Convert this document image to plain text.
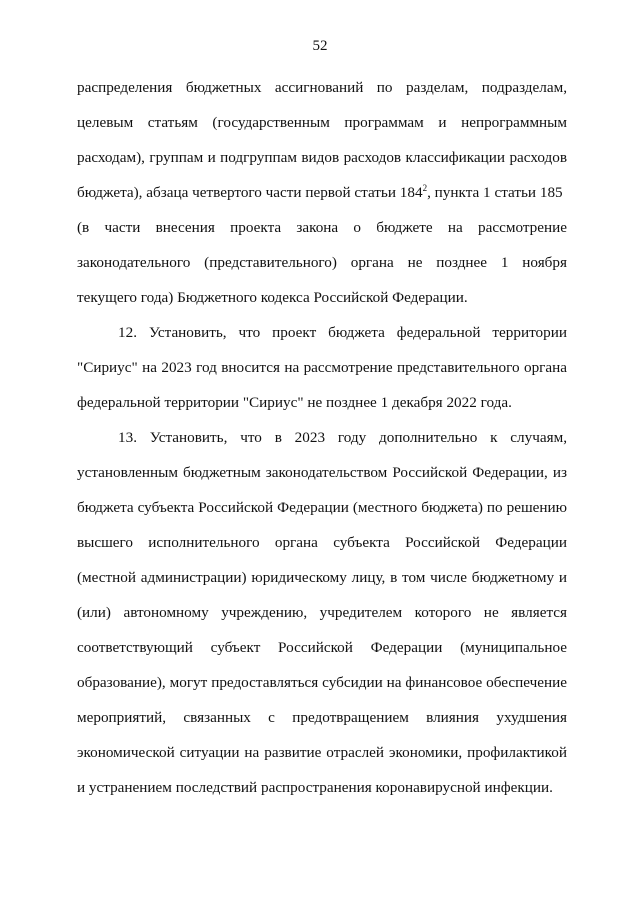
52
распределения бюджетных ассигнований по разделам, подразделам,
целевым статьям (государственным программам и непрограммным
расходам), группам и подгруппам видов расходов классификации расходов
бюджета), абзаца четвертого части первой статьи $184^2$, пункта 1 статьи 185
(в части внесения проекта закона о бюджете на рассмотрение
законодательного (представительного) органа не позднее 1 ноября
текущего года) Бюджетного кодекса Российской Федерации.
12. Установить, что проект бюджета федеральной территории
"Сириус" на 2023 год вносится на рассмотрение представительного органа
федеральной территории "Сириус" не позднее 1 декабря 2022 года.
13. Установить, что в 2023 году дополнительно к случаям,
установленным бюджетным законодательством Российской Федерации, из
бюджета субъекта Российской Федерации (местного бюджета) по решению
высшего исполнительного органа субъекта Российской Федерации
(местной администрации) юридическому лицу, в том числе бюджетному и
(или) автономному учреждению, учредителем которого не является
соответствующий субъект Российской Федерации (муниципальное
образование), могут предоставляться субсидии на финансовое обеспечение
мероприятий, связанных с предотвращением влияния ухудшения
экономической ситуации на развитие отраслей экономики, профилактикой
и устранением последствий распространения коронавирусной инфекции.
